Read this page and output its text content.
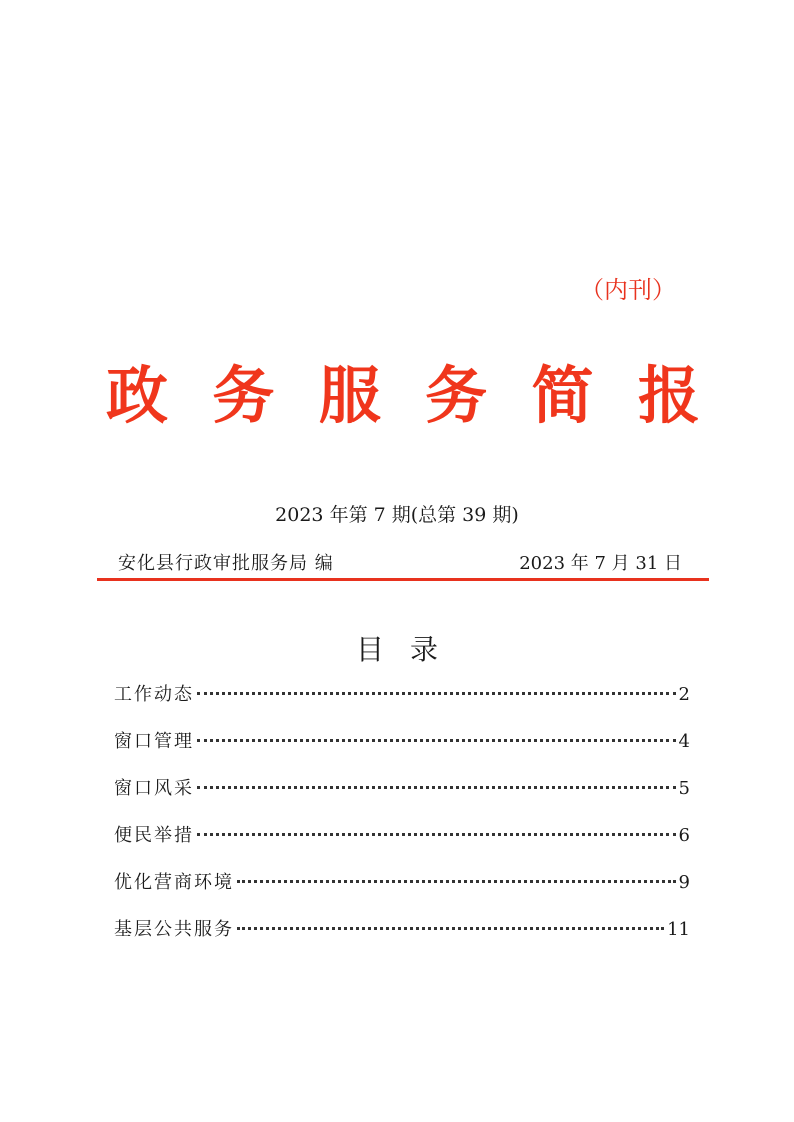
（内刊）
政 务 服 务 简 报
2023 年第 7 期(总第 39 期)
安化县行政审批服务局 编	2023 年 7 月 31 日
目录
工作动态	2
窗口管理	4
窗口风采	5
便民举措	6
优化营商环境	9
基层公共服务	11
